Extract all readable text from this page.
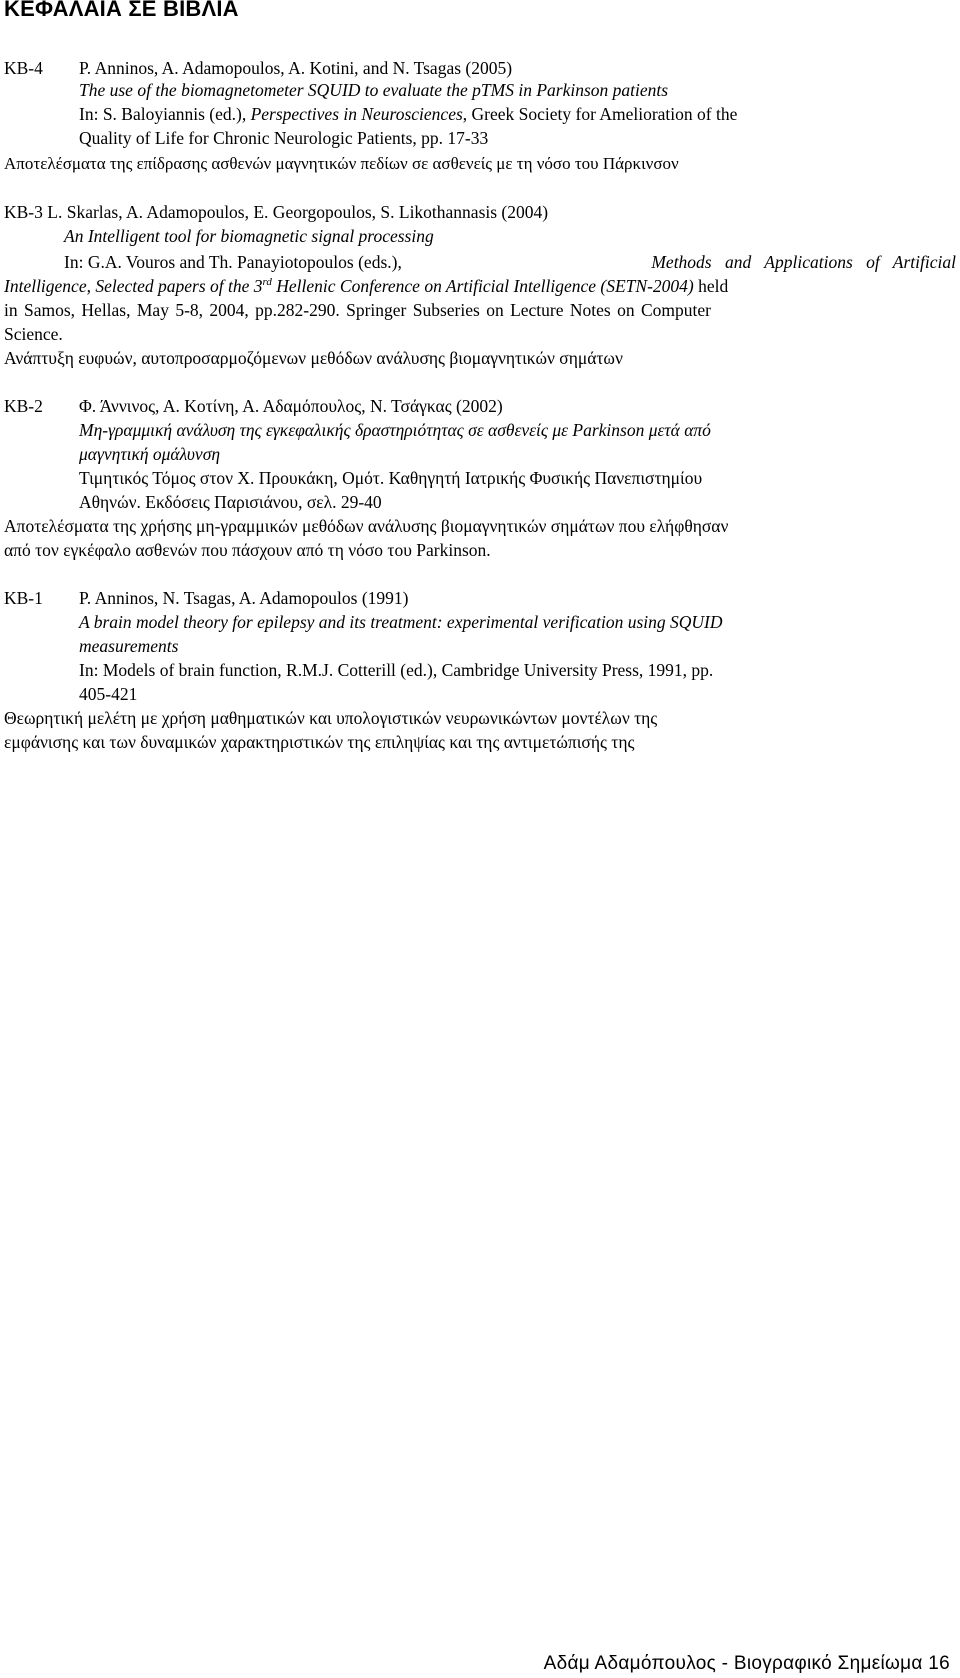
ΚΕΦΑΛΑΙΑ ΣΕ ΒΙΒΛΙΑ
ΚΒ-4 P. Anninos, A. Adamopoulos, A. Kotini, and N. Tsagas (2005)
The use of the biomagnetometer SQUID to evaluate the pTMS in Parkinson patients
In: S. Baloyiannis (ed.), Perspectives in Neurosciences, Greek Society for Amelioration of the
Quality of Life for Chronic Neurologic Patients, pp. 17-33
Αποτελέσματα της επίδρασης ασθενών μαγνητικών πεδίων σε ασθενείς με τη νόσο του Πάρκινσον
ΚΒ-3 L. Skarlas, A. Adamopoulos, E. Georgopoulos, S. Likothannasis (2004)
An Intelligent tool for biomagnetic signal processing
In: G.A. Vouros and Th. Panayiotopoulos (eds.),	Methods and Applications of Artificial
Intelligence, Selected papers of the 3rd Hellenic Conference on Artificial Intelligence (SETN-2004) held
in Samos, Hellas, May 5-8, 2004, pp.282-290. Springer Subseries on Lecture Notes on Computer
Science.
Ανάπτυξη ευφυών, αυτοπροσαρμοζόμενων μεθόδων ανάλυσης βιομαγνητικών σημάτων
ΚΒ-2 Φ. Άννινος, Α. Κοτίνη, Α. Αδαμόπουλος, Ν. Τσάγκας (2002)
Μη-γραμμική ανάλυση της εγκεφαλικής δραστηριότητας σε ασθενείς με Parkinson μετά από
μαγνητική ομάλυνση
Τιμητικός Τόμος στον Χ. Προυκάκη, Ομότ. Καθηγητή Ιατρικής Φυσικής Πανεπιστημίου
Αθηνών. Εκδόσεις Παρισιάνου, σελ. 29-40
Αποτελέσματα της χρήσης μη-γραμμικών μεθόδων ανάλυσης βιομαγνητικών σημάτων που ελήφθησαν
από τον εγκέφαλο ασθενών που πάσχουν από τη νόσο του Parkinson.
ΚΒ-1 P. Anninos, N. Tsagas, A. Adamopoulos (1991)
A brain model theory for epilepsy and its treatment: experimental verification using SQUID
measurements
In: Models of brain function, R.M.J. Cotterill (ed.), Cambridge University Press, 1991, pp.
405-421
Θεωρητική μελέτη με χρήση μαθηματικών και υπολογιστικών νευρωνικώντων μοντέλων της
εμφάνισης και των δυναμικών χαρακτηριστικών της επιληψίας και της αντιμετώπισής της
Αδάμ Αδαμόπουλος - Βιογραφικό Σημείωμα 16
